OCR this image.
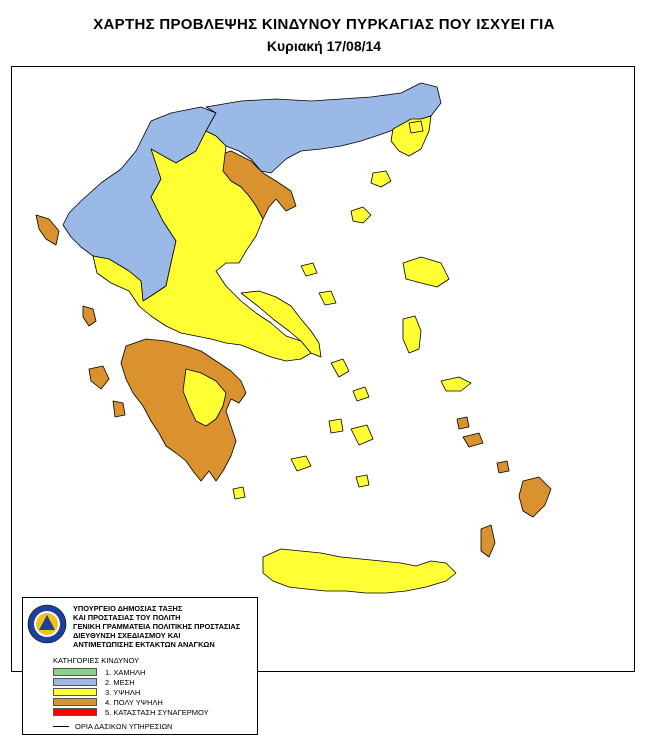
ΧΑΡΤΗΣ ΠΡΟΒΛΕΨΗΣ ΚΙΝΔΥΝΟΥ ΠΥΡΚΑΓΙΑΣ ΠΟΥ ΙΣΧΥΕΙ ΓΙΑ
Κυριακή 17/08/14
ΥΠΟΥΡΓΕΙΟ ΔΗΜΟΣΙΑΣ ΤΑΞΗΣ
ΚΑΙ ΠΡΟΣΤΑΣΙΑΣ ΤΟΥ ΠΟΛΙΤΗ
ΓΕΝΙΚΗ ΓΡΑΜΜΑΤΕΙΑ ΠΟΛΙΤΙΚΗΣ ΠΡΟΣΤΑΣΙΑΣ
ΔΙΕΥΘΥΝΣΗ ΣΧΕΔΙΑΣΜΟΥ ΚΑΙ
ΑΝΤΙΜΕΤΩΠΙΣΗΣ ΕΚΤΑΚΤΩΝ ΑΝΑΓΚΩΝ
ΚΑΤΗΓΟΡΙΕΣ ΚΙΝΔΥΝΟΥ
1. ΧΑΜΗΛΗ
2. ΜΕΣΗ
3. ΥΨΗΛΗ
4. ΠΟΛΥ ΥΨΗΛΗ
5. ΚΑΤΑΣΤΑΣΗ ΣΥΝΑΓΕΡΜΟΥ
ΟΡΙΑ ΔΑΣΙΚΩΝ ΥΠΗΡΕΣΙΩΝ
